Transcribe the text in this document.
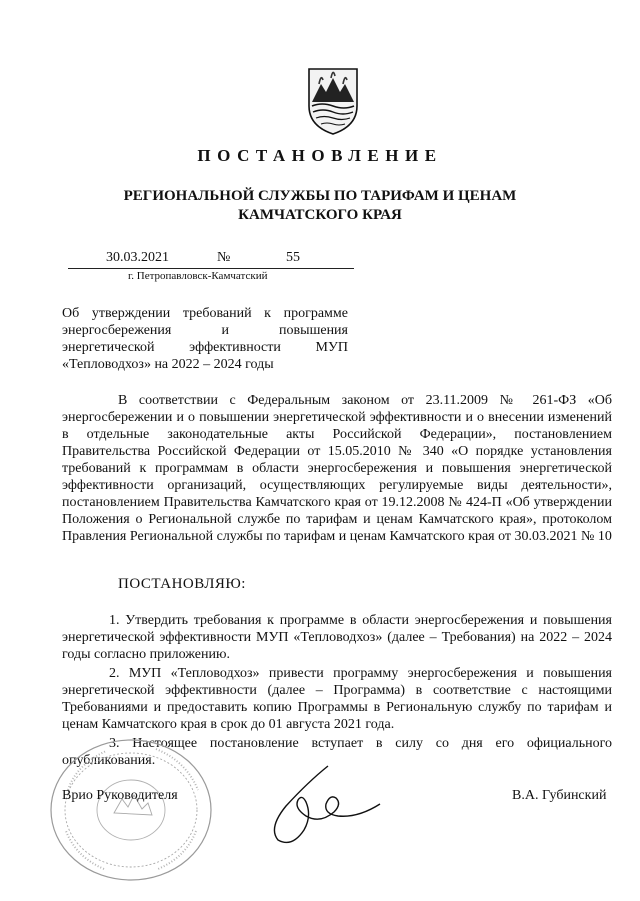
ПОСТАНОВЛЕНИЕ
РЕГИОНАЛЬНОЙ СЛУЖБЫ ПО ТАРИФАМ И ЦЕНАМ
КАМЧАТСКОГО КРАЯ
30.03.2021	№	55
г. Петропавловск-Камчатский
Об утверждении требований к программе энергосбережения и повышения энергетической эффективности МУП «Тепловодхоз» на 2022 – 2024 годы
В соответствии с Федеральным законом от 23.11.2009 № 261-ФЗ «Об энергосбережении и о повышении энергетической эффективности и о внесении изменений в отдельные законодательные акты Российской Федерации», постановлением Правительства Российской Федерации от 15.05.2010 № 340 «О порядке установления требований к программам в области энергосбережения и повышения энергетической эффективности организаций, осуществляющих регулируемые виды деятельности», постановлением Правительства Камчатского края от 19.12.2008 № 424-П «Об утверждении Положения о Региональной службе по тарифам и ценам Камчатского края», протоколом Правления Региональной службы по тарифам и ценам Камчатского края от 30.03.2021 № 10
ПОСТАНОВЛЯЮ:
1. Утвердить требования к программе в области энергосбережения и повышения энергетической эффективности МУП «Тепловодхоз» (далее – Требования) на 2022 – 2024 годы согласно приложению.
2. МУП «Тепловодхоз» привести программу энергосбережения и повышения энергетической эффективности (далее – Программа) в соответствие с настоящими Требованиями и предоставить копию Программы в Региональную службу по тарифам и ценам Камчатского края в срок до 01 августа 2021 года.
3. Настоящее постановление вступает в силу со дня его официального опубликования.
Врио Руководителя	В.А. Губинский
